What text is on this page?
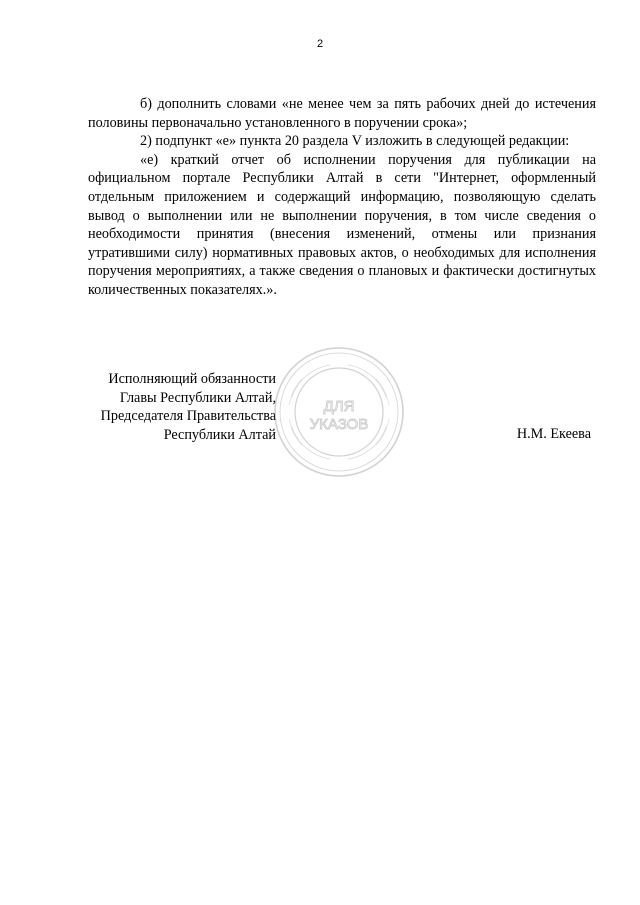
2

б) дополнить словами «не менее чем за пять рабочих дней до истечения половины первоначально установленного в поручении срока»;

2) подпункт «е» пункта 20 раздела V изложить в следующей редакции:

«е) краткий отчет об исполнении поручения для публикации на официальном портале Республики Алтай в сети "Интернет, оформленный отдельным приложением и содержащий информацию, позволяющую сделать вывод о выполнении или не выполнении поручения, в том числе сведения о необходимости принятия (внесения изменений, отмены или признания утратившими силу) нормативных правовых актов, о необходимых для исполнения поручения мероприятиях, а также сведения о плановых и фактически достигнутых количественных показателях.».

Исполняющий обязанности
Главы Республики Алтай,
Председателя Правительства
Республики Алтай
ДЛЯ
УКАЗОВ
Н.М. Екеева
